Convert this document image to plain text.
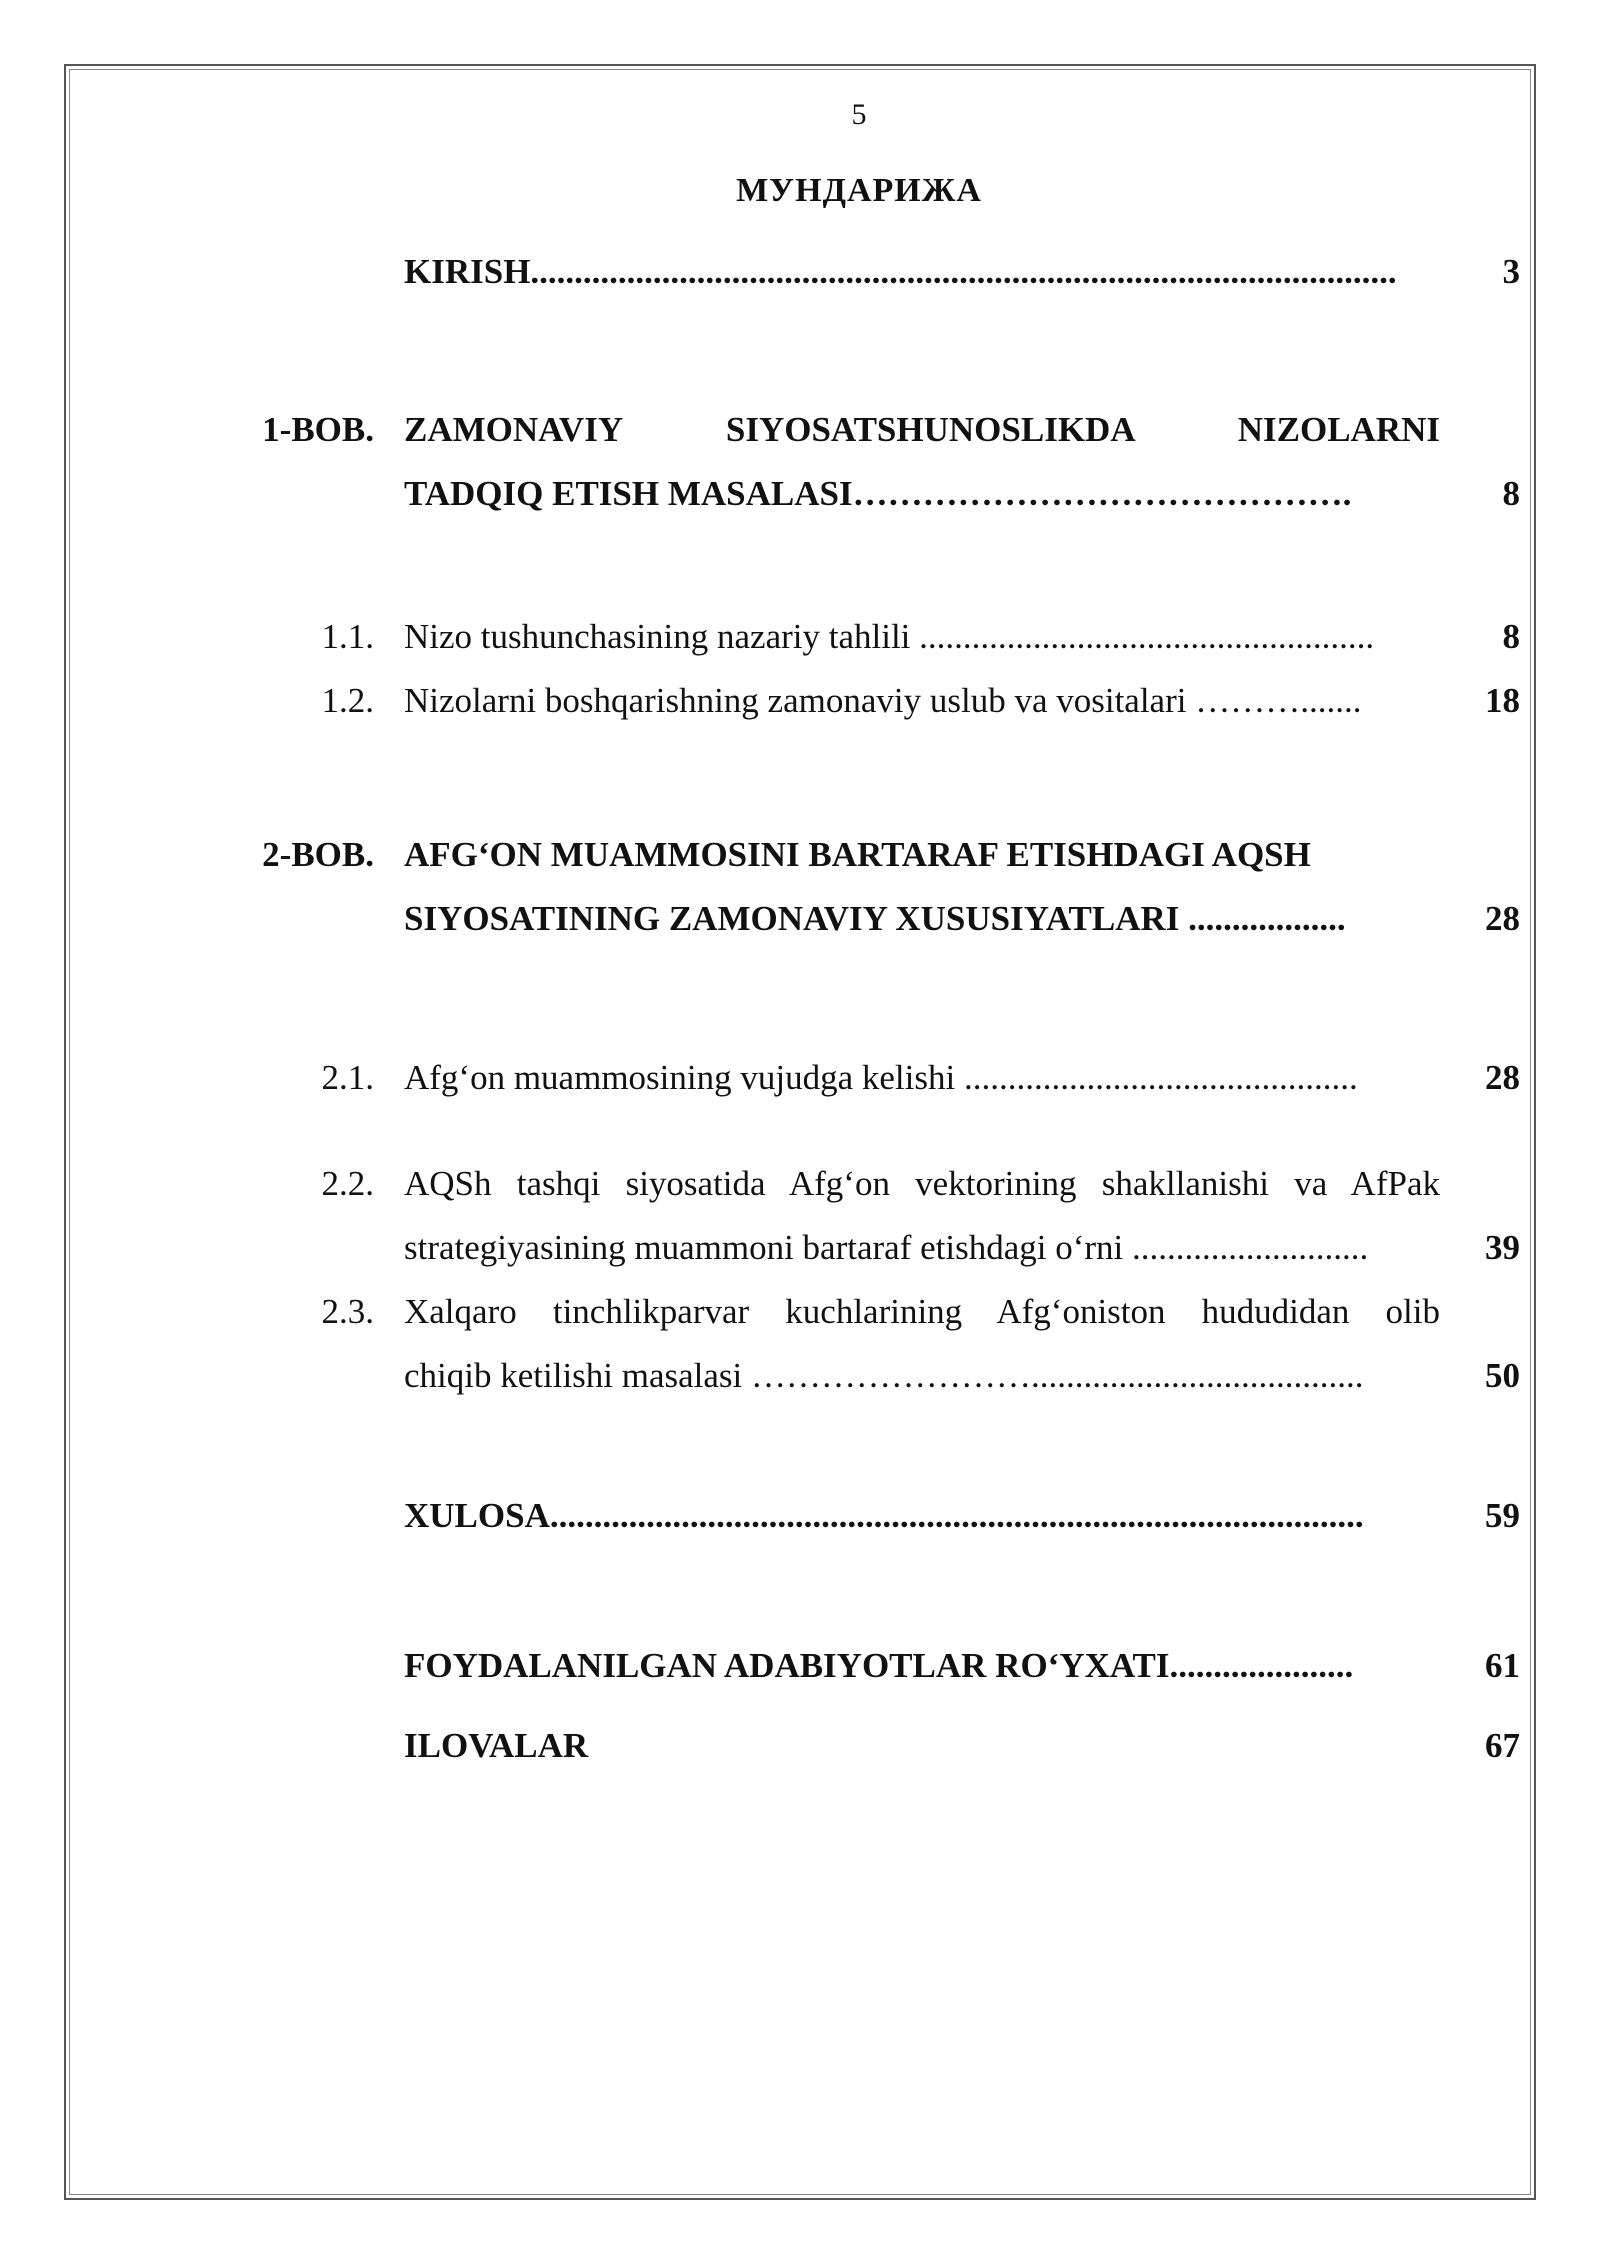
5
МУНДАРИЖА
KIRISH...................................................................................................	3
1-BOB. ZAMONAVIY SIYOSATSHUNOSLIKDA NIZOLARNI
TADQIQ ETISH MASALASI…………………………………….	8
1.1. Nizo tushunchasining nazariy tahlili ....................................................	8
1.2. Nizolarni boshqarishning zamonaviy uslub va vositalari ……….......	18
2-BOB. AFG‘ON MUAMMOSINI BARTARAF ETISHDAGI AQSH
SIYOSATINING ZAMONAVIY XUSUSIYATLARI ..................	28
2.1. Afg‘on muammosining vujudga kelishi .............................................	28
2.2. AQSh tashqi siyosatida Afg‘on vektorining shakllanishi va AfPak
strategiyasining muammoni bartaraf etishdagi o‘rni ...........................	39
2.3. Xalqaro tinchlikparvar kuchlarining Afg‘oniston hududidan olib
chiqib ketilishi masalasi ……………………......................................	50
XULOSA.............................................................................................	59
FOYDALANILGAN ADABIYOTLAR RO‘YXATI.....................	61
ILOVALAR	67
